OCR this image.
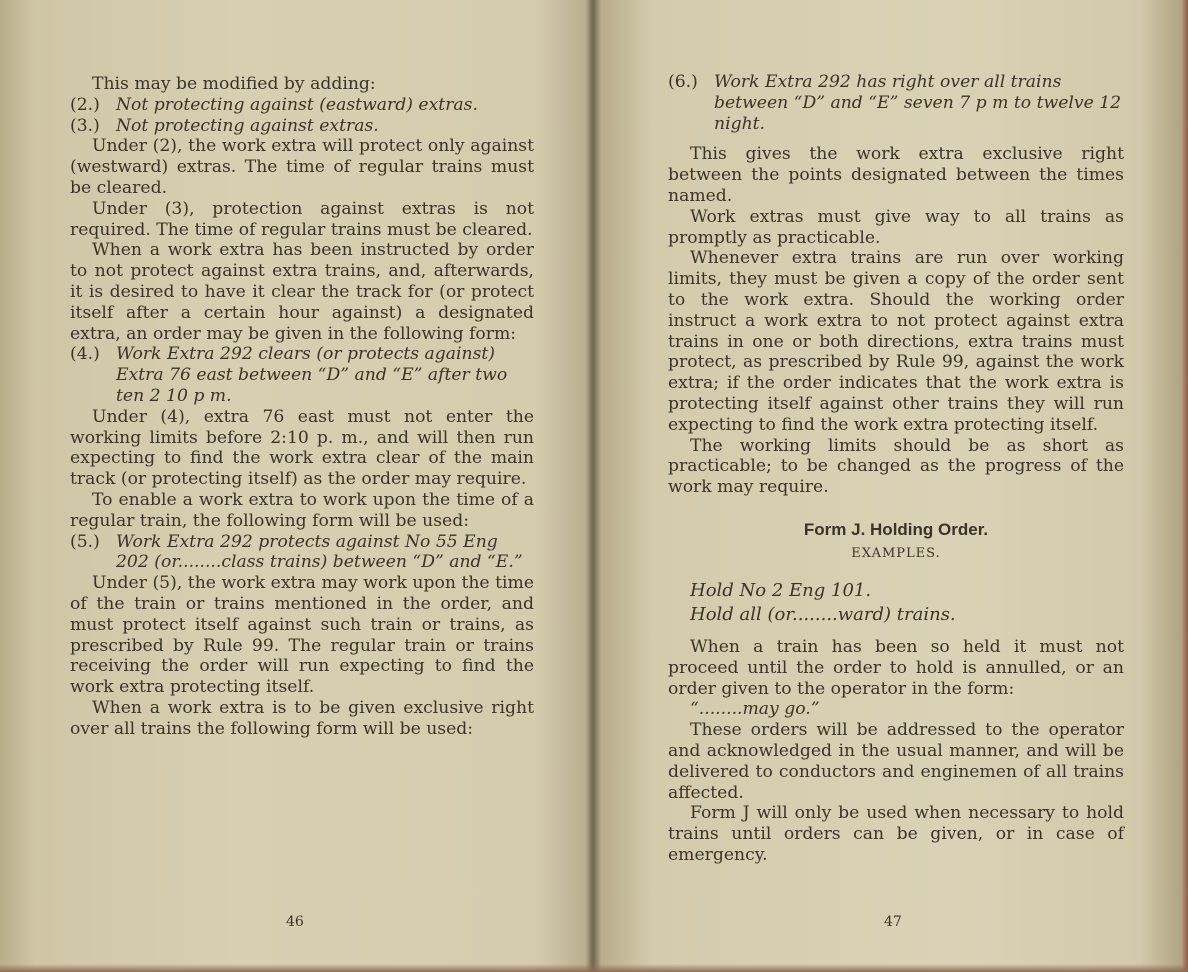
This may be modified by adding:

(2.) Not protecting against (eastward) extras.
(3.) Not protecting against extras.

Under (2), the work extra will protect only against (westward) extras. The time of regular trains must be cleared.

Under (3), protection against extras is not required. The time of regular trains must be cleared.

When a work extra has been instructed by order to not protect against extra trains, and, afterwards, it is desired to have it clear the track for (or protect itself after a certain hour against) a designated extra, an order may be given in the following form:

(4.) Work Extra 292 clears (or protects against) Extra 76 east between “D” and “E” after two ten 2 10 p m.

Under (4), extra 76 east must not enter the working limits before 2:10 p. m., and will then run expecting to find the work extra clear of the main track (or protecting itself) as the order may require.

To enable a work extra to work upon the time of a regular train, the following form will be used:

(5.) Work Extra 292 protects against No 55 Eng 202 (or........class trains) between “D” and “E.”

Under (5), the work extra may work upon the time of the train or trains mentioned in the order, and must protect itself against such train or trains, as prescribed by Rule 99. The regular train or trains receiving the order will run expecting to find the work extra protecting itself.

When a work extra is to be given exclusive right over all trains the following form will be used:

46
(6.) Work Extra 292 has right over all trains between “D” and “E” seven 7 p m to twelve 12 night.

This gives the work extra exclusive right between the points designated between the times named.

Work extras must give way to all trains as promptly as practicable.

Whenever extra trains are run over working limits, they must be given a copy of the order sent to the work extra. Should the working order instruct a work extra to not protect against extra trains in one or both directions, extra trains must protect, as prescribed by Rule 99, against the work extra; if the order indicates that the work extra is protecting itself against other trains they will run expecting to find the work extra protecting itself.

The working limits should be as short as practicable; to be changed as the progress of the work may require.

Form J. Holding Order.
EXAMPLES.
Hold No 2 Eng 101.
Hold all (or........ward) trains.

When a train has been so held it must not proceed until the order to hold is annulled, or an order given to the operator in the form:

“........may go.”

These orders will be addressed to the operator and acknowledged in the usual manner, and will be delivered to conductors and enginemen of all trains affected.

Form J will only be used when necessary to hold trains until orders can be given, or in case of emergency.

47
